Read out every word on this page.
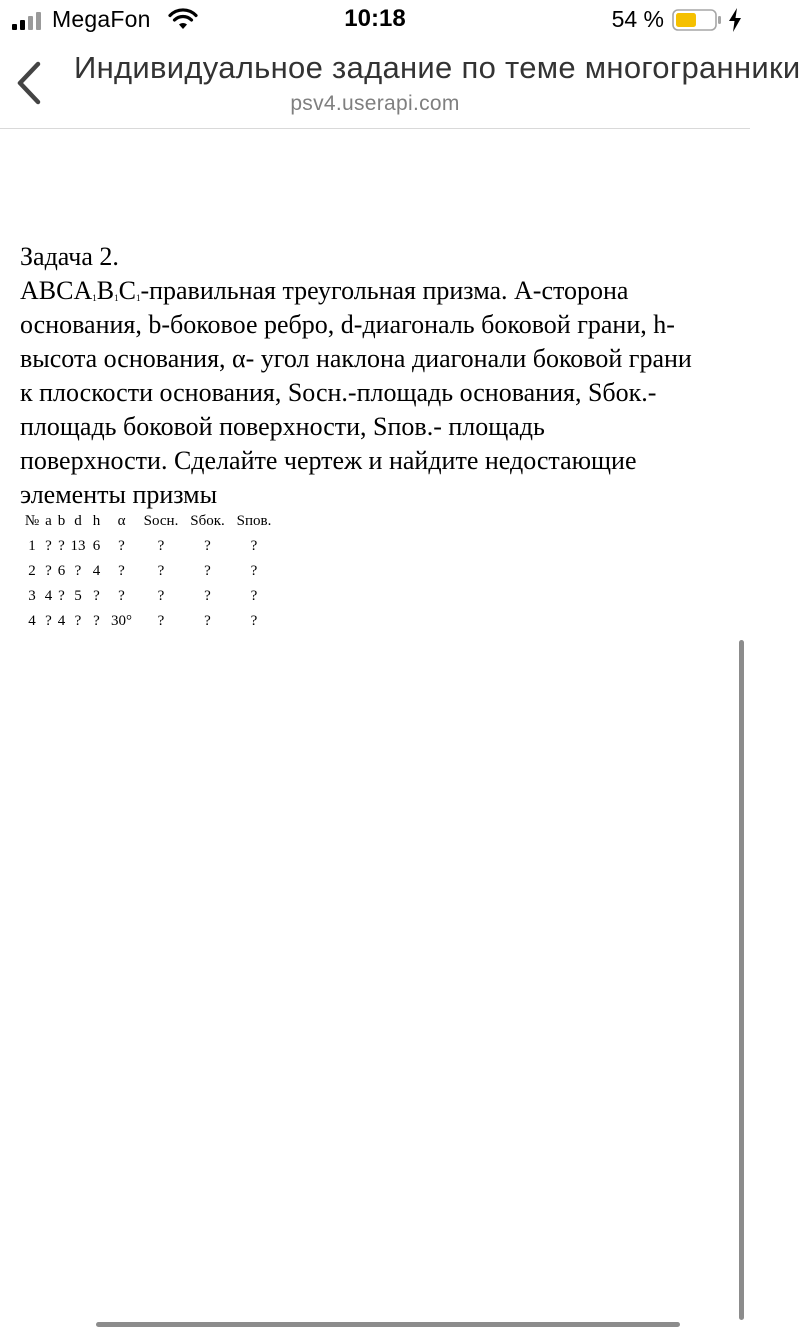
MegaFon	10:18	54 %
Индивидуальное задание по теме многогранники
psv4.userapi.com
Задача 2.
$ABCA_1B_1C_1$-правильная треугольная призма. A-сторона
основания, b-боковое ребро, d-диагональ боковой грани, h-
высота основания, α- угол наклона диагонали боковой грани
к плоскости основания, Sосн.-площадь основания, Sбок.-
площадь боковой поверхности, Sпов.- площадь
поверхности. Сделайте чертеж и найдите недостающие
элементы призмы
№	a	b	d	h	α	Sосн.	Sбок.	Sпов.
1	?	?	13	6	?	?	?	?
2	?	6	?	4	?	?	?	?
3	4	?	5	?	?	?	?	?
4	?	4	?	?	30°	?	?	?
